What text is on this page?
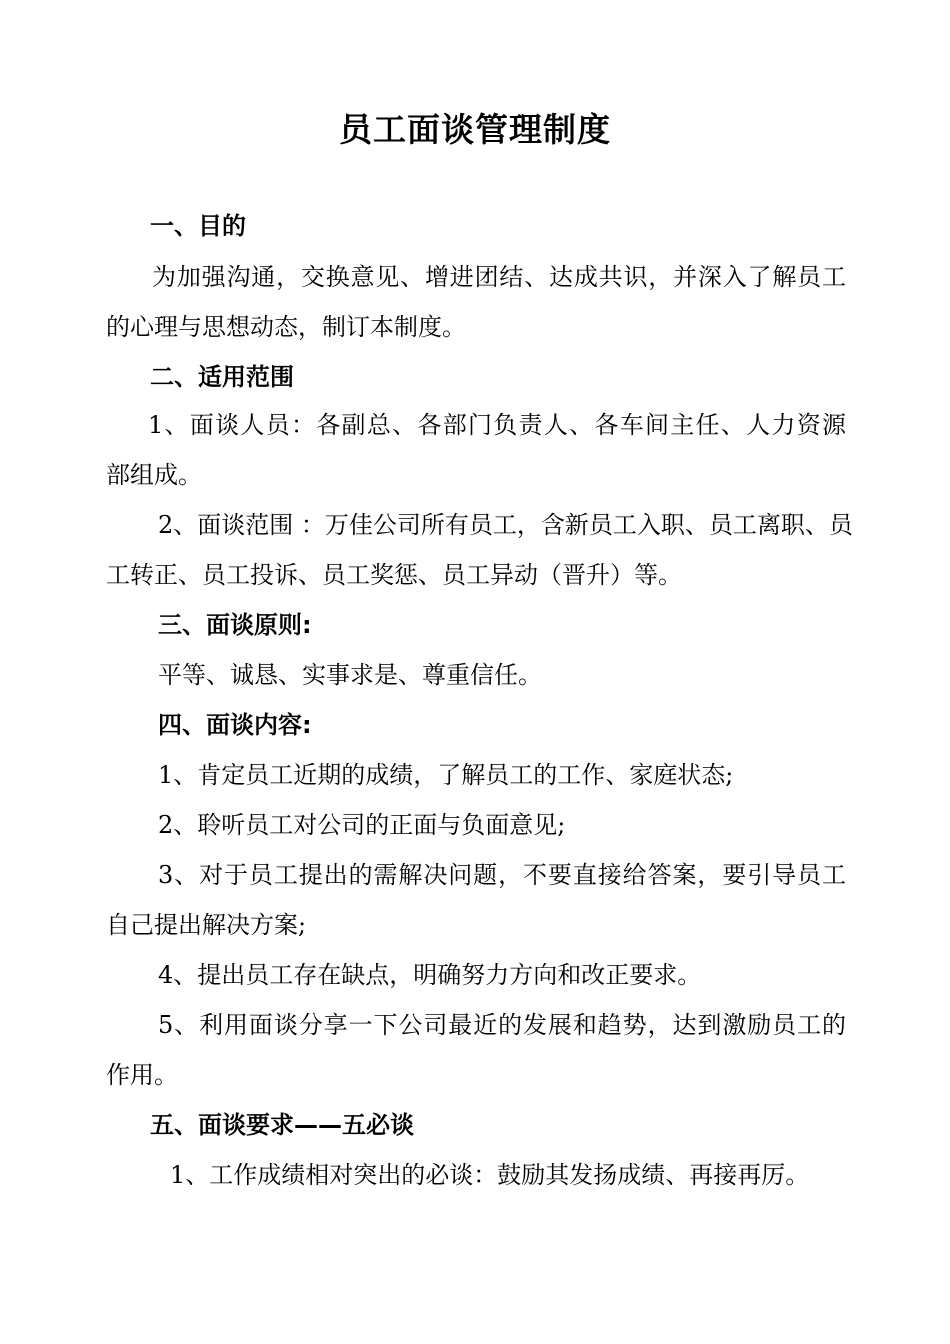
员工面谈管理制度
一、目的
为加强沟通，交换意见、增进团结、达成共识，并深入了解员工
的心理与思想动态，制订本制度。
二、适用范围
1、面谈人员：各副总、各部门负责人、各车间主任、人力资源
部组成。
2、面谈范围 ：万佳公司所有员工，含新员工入职、员工离职、员
工转正、员工投诉、员工奖惩、员工异动（晋升）等。
三、面谈原则:
平等、诚恳、实事求是、尊重信任。
四、面谈内容:
1、肯定员工近期的成绩，了解员工的工作、家庭状态;
2、聆听员工对公司的正面与负面意见;
3、对于员工提出的需解决问题，不要直接给答案，要引导员工
自己提出解决方案;
4、提出员工存在缺点，明确努力方向和改正要求。
5、利用面谈分享一下公司最近的发展和趋势，达到激励员工的
作用。
五、面谈要求——五必谈
1、工作成绩相对突出的必谈：鼓励其发扬成绩、再接再厉。
